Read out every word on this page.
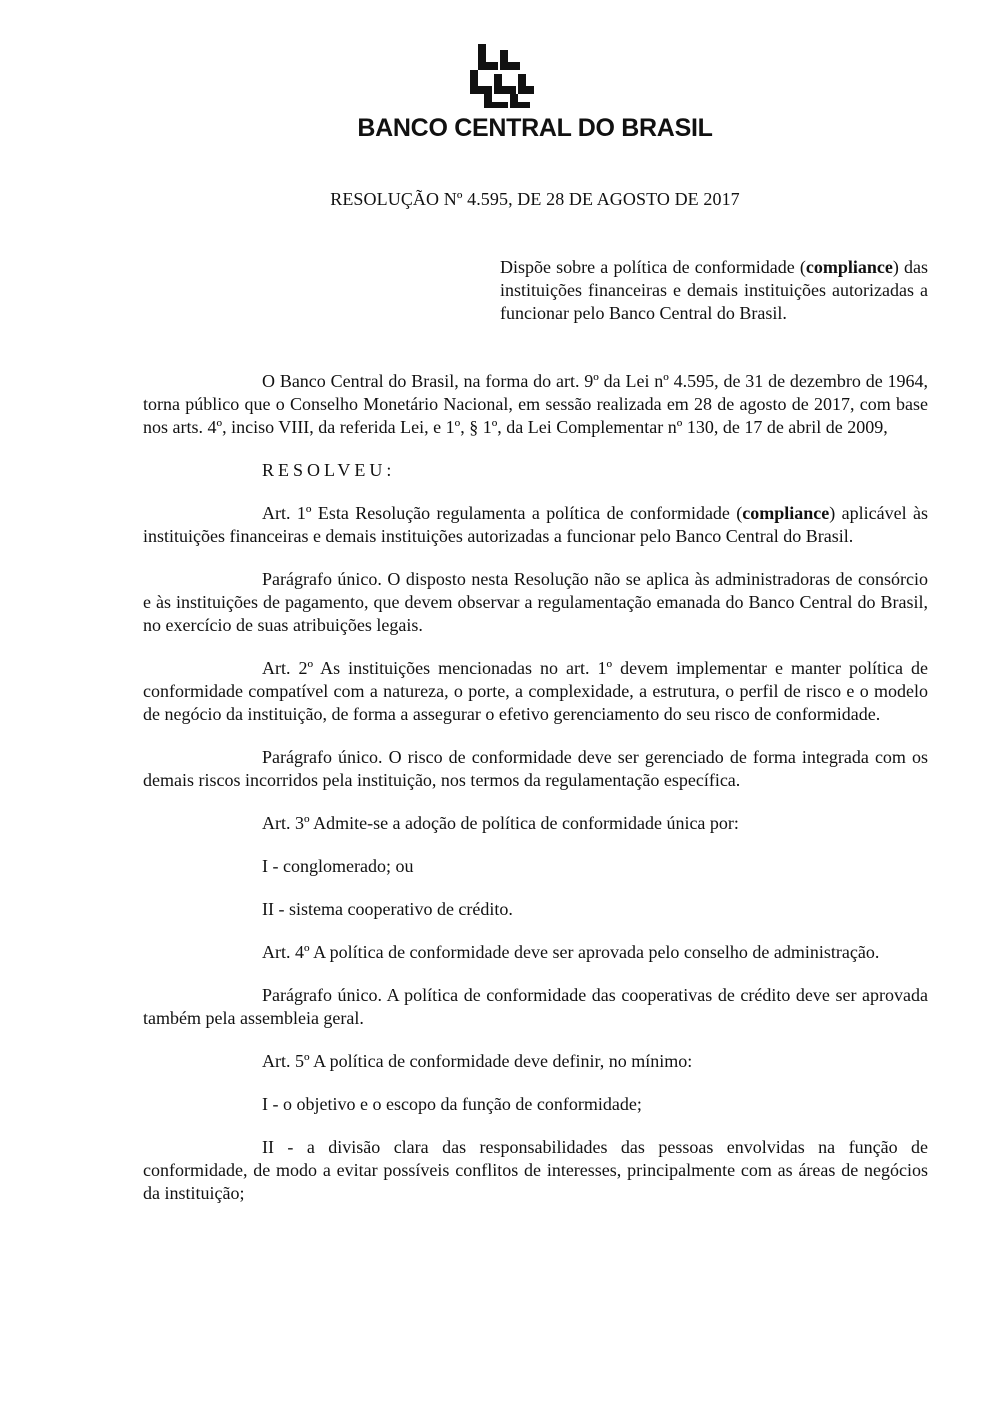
BANCO CENTRAL DO BRASIL
RESOLUÇÃO Nº 4.595, DE 28 DE AGOSTO DE 2017
Dispõe sobre a política de conformidade (compliance) das instituições financeiras e demais instituições autorizadas a funcionar pelo Banco Central do Brasil.

O Banco Central do Brasil, na forma do art. 9º da Lei nº 4.595, de 31 de dezembro de 1964, torna público que o Conselho Monetário Nacional, em sessão realizada em 28 de agosto de 2017, com base nos arts. 4º, inciso VIII, da referida Lei, e 1º, § 1º, da Lei Complementar nº 130, de 17 de abril de 2009,

RESOLVEU:

Art. 1º Esta Resolução regulamenta a política de conformidade (compliance) aplicável às instituições financeiras e demais instituições autorizadas a funcionar pelo Banco Central do Brasil.

Parágrafo único. O disposto nesta Resolução não se aplica às administradoras de consórcio e às instituições de pagamento, que devem observar a regulamentação emanada do Banco Central do Brasil, no exercício de suas atribuições legais.

Art. 2º As instituições mencionadas no art. 1º devem implementar e manter política de conformidade compatível com a natureza, o porte, a complexidade, a estrutura, o perfil de risco e o modelo de negócio da instituição, de forma a assegurar o efetivo gerenciamento do seu risco de conformidade.

Parágrafo único. O risco de conformidade deve ser gerenciado de forma integrada com os demais riscos incorridos pela instituição, nos termos da regulamentação específica.

Art. 3º Admite-se a adoção de política de conformidade única por:

I - conglomerado; ou

II - sistema cooperativo de crédito.

Art. 4º A política de conformidade deve ser aprovada pelo conselho de administração.

Parágrafo único. A política de conformidade das cooperativas de crédito deve ser aprovada também pela assembleia geral.

Art. 5º A política de conformidade deve definir, no mínimo:

I - o objetivo e o escopo da função de conformidade;

II - a divisão clara das responsabilidades das pessoas envolvidas na função de conformidade, de modo a evitar possíveis conflitos de interesses, principalmente com as áreas de negócios da instituição;
